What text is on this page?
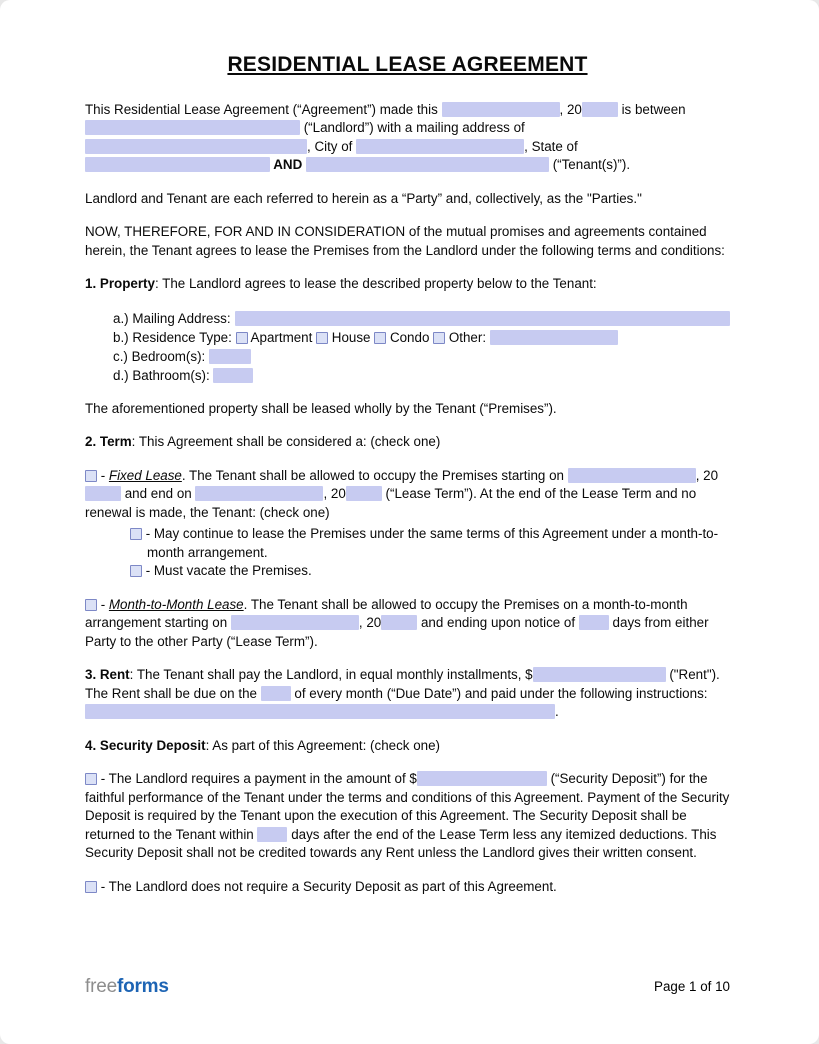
RESIDENTIAL LEASE AGREEMENT

This Residential Lease Agreement (“Agreement”) made this	, 20	is between  (“Landlord”) with a mailing address of , City of	, State of  AND	(“Tenant(s)”).

Landlord and Tenant are each referred to herein as a “Party” and, collectively, as the "Parties."

NOW, THEREFORE, FOR AND IN CONSIDERATION of the mutual promises and agreements contained herein, the Tenant agrees to lease the Premises from the Landlord under the following terms and conditions:

1. Property: The Landlord agrees to lease the described property below to the Tenant:

a.) Mailing Address:
b.) Residence Type:  Apartment  House  Condo  Other:
c.) Bedroom(s):
d.) Bathroom(s):

The aforementioned property shall be leased wholly by the Tenant (“Premises”).

2. Term: This Agreement shall be considered a: (check one)

- Fixed Lease. The Tenant shall be allowed to occupy the Premises starting on	, 20 and end on	, 20	(“Lease Term”). At the end of the Lease Term and no renewal is made, the Tenant: (check one)

- May continue to lease the Premises under the same terms of this Agreement under a month-to-month arrangement.
- Must vacate the Premises.

- Month-to-Month Lease. The Tenant shall be allowed to occupy the Premises on a month-to-month arrangement starting on	, 20	and ending upon notice of  days from either Party to the other Party (“Lease Term”).

3. Rent: The Tenant shall pay the Landlord, in equal monthly installments, $	("Rent"). The Rent shall be due on the  of every month (“Due Date”) and paid under the following instructions: .

4. Security Deposit: As part of this Agreement: (check one)

- The Landlord requires a payment in the amount of $	(“Security Deposit”) for the faithful performance of the Tenant under the terms and conditions of this Agreement. Payment of the Security Deposit is required by the Tenant upon the execution of this Agreement. The Security Deposit shall be returned to the Tenant within  days after the end of the Lease Term less any itemized deductions. This Security Deposit shall not be credited towards any Rent unless the Landlord gives their written consent.

- The Landlord does not require a Security Deposit as part of this Agreement.

freeforms	Page 1 of 10
